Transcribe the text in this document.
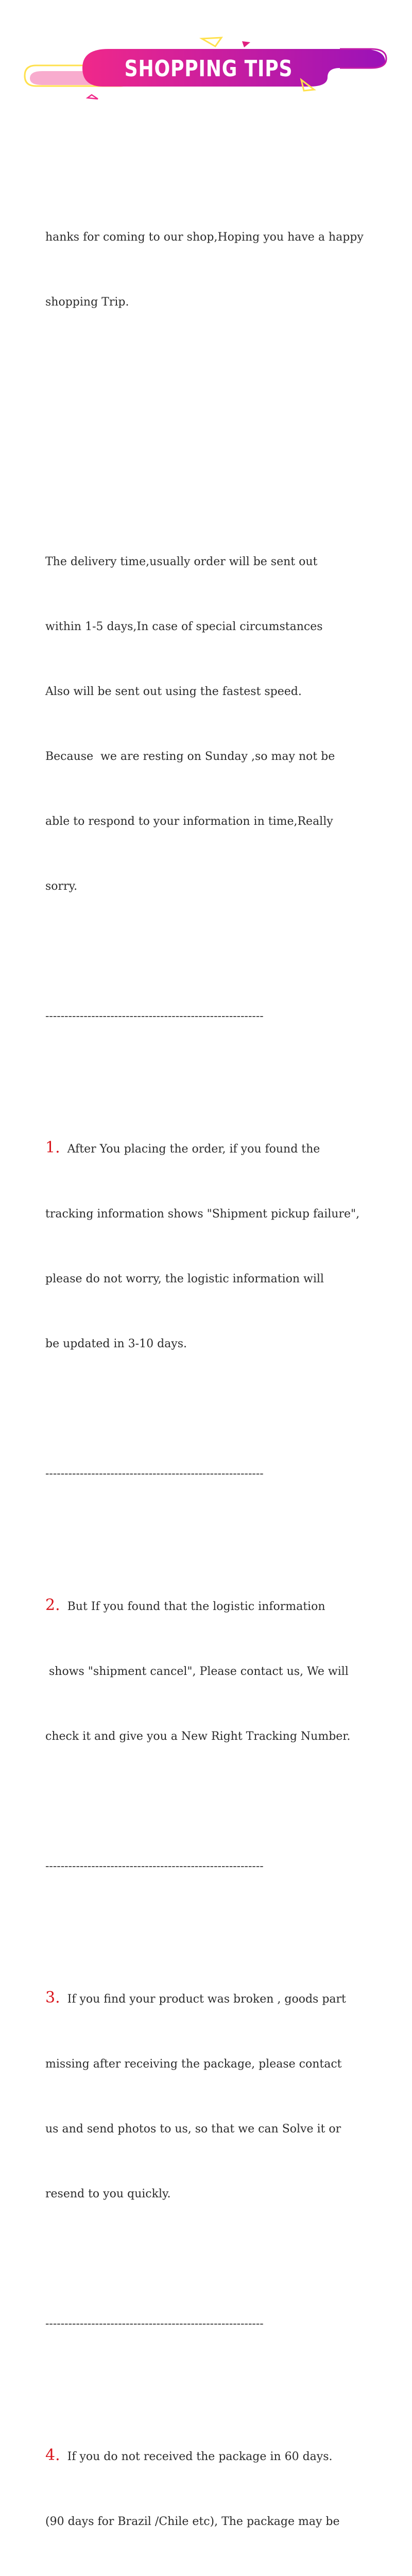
SHOPPING TIPS

hanks for coming to our shop,Hoping you have a happy

shopping Trip.

The delivery time,usually order will be sent out

within 1-5 days,In case of special circumstances

Also will be sent out using the fastest speed.

Because  we are resting on Sunday ,so may not be

able to respond to your information in time,Really

sorry.

---------------------------------------------------------

1. After You placing the order, if you found the

tracking information shows "Shipment pickup failure",

please do not worry, the logistic information will

be updated in 3-10 days.

---------------------------------------------------------

2. But If you found that the logistic information

shows "shipment cancel", Please contact us, We will

check it and give you a New Right Tracking Number.

---------------------------------------------------------

3. If you find your product was broken , goods part

missing after receiving the package, please contact

us and send photos to us, so that we can Solve it or

resend to you quickly.

---------------------------------------------------------

4. If you do not received the package in 60 days.

(90 days for Brazil /Chile etc), The package may be
